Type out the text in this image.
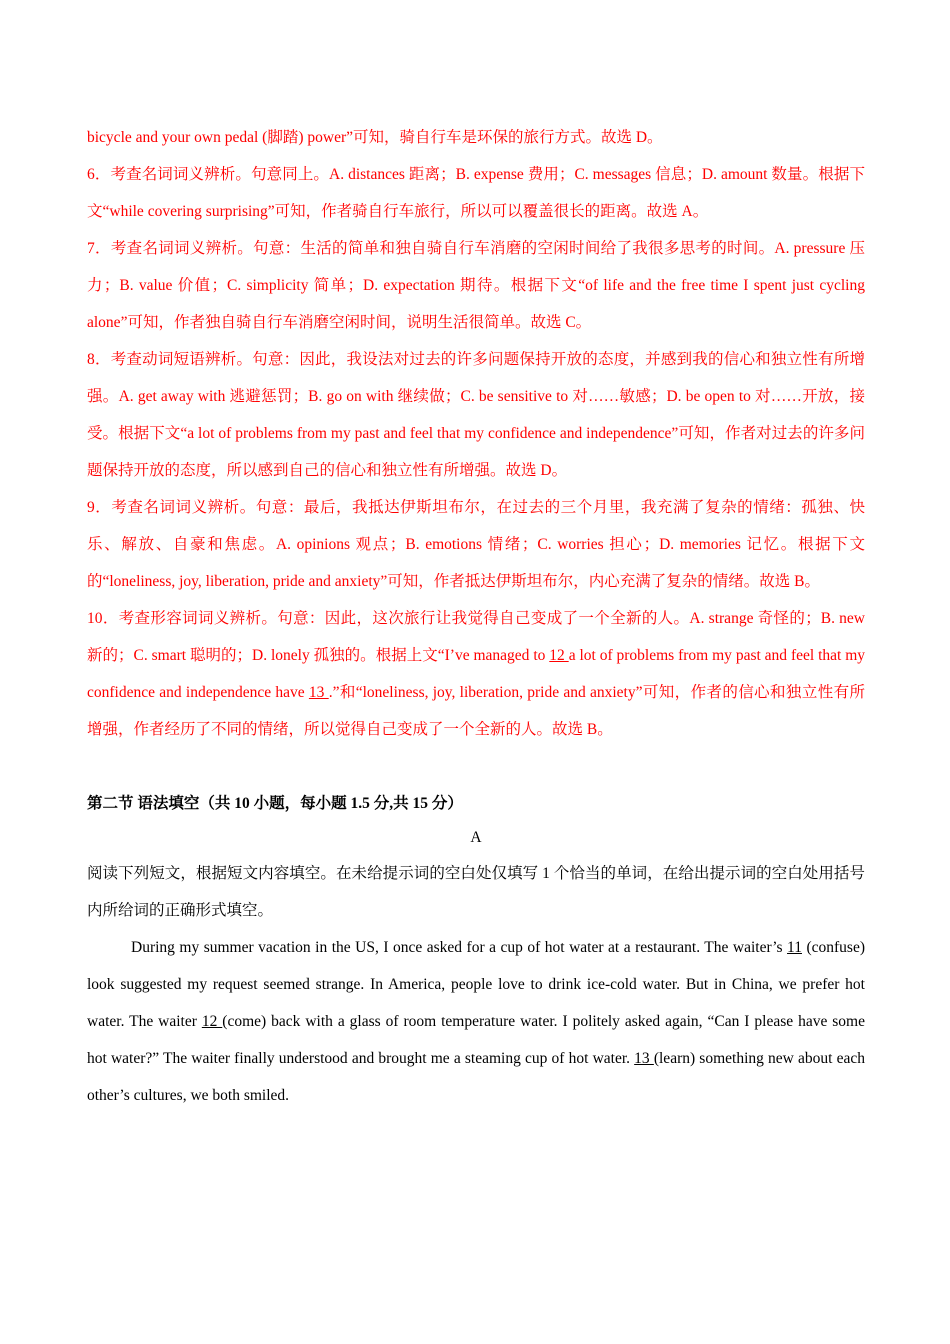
bicycle and your own pedal (脚踏) power”可知，骑自行车是环保的旅行方式。故选 D。

6．考查名词词义辨析。句意同上。A. distances 距离；B. expense 费用；C. messages 信息；D. amount 数量。根据下文“while covering surprising”可知，作者骑自行车旅行，所以可以覆盖很长的距离。故选 A。

7．考查名词词义辨析。句意：生活的简单和独自骑自行车消磨的空闲时间给了我很多思考的时间。A. pressure 压力；B. value 价值；C. simplicity 简单；D. expectation 期待。根据下文“of life and the free time I spent just cycling alone”可知，作者独自骑自行车消磨空闲时间，说明生活很简单。故选 C。

8．考查动词短语辨析。句意：因此，我设法对过去的许多问题保持开放的态度，并感到我的信心和独立性有所增强。A. get away with 逃避惩罚；B. go on with 继续做；C. be sensitive to 对……敏感；D. be open to 对……开放，接受。根据下文“a lot of problems from my past and feel that my confidence and independence”可知，作者对过去的许多问题保持开放的态度，所以感到自己的信心和独立性有所增强。故选 D。

9．考查名词词义辨析。句意：最后，我抵达伊斯坦布尔，在过去的三个月里，我充满了复杂的情绪：孤独、快乐、解放、自豪和焦虑。A. opinions 观点；B. emotions 情绪；C. worries 担心；D. memories 记忆。根据下文的“loneliness, joy, liberation, pride and anxiety”可知，作者抵达伊斯坦布尔，内心充满了复杂的情绪。故选 B。

10．考查形容词词义辨析。句意：因此，这次旅行让我觉得自己变成了一个全新的人。A. strange 奇怪的；B. new 新的；C. smart 聪明的；D. lonely 孤独的。根据上文“I’ve managed to 12 a lot of problems from my past and feel that my confidence and independence have 13 .”和“loneliness, joy, liberation, pride and anxiety”可知，作者的信心和独立性有所增强，作者经历了不同的情绪，所以觉得自己变成了一个全新的人。故选 B。

第二节 语法填空（共 10 小题，每小题 1.5 分,共 15 分）

A

阅读下列短文，根据短文内容填空。在未给提示词的空白处仅填写 1 个恰当的单词，在给出提示词的空白处用括号内所给词的正确形式填空。

During my summer vacation in the US, I once asked for a cup of hot water at a restaurant. The waiter’s 11 (confuse) look suggested my request seemed strange. In America, people love to drink ice-cold water. But in China, we prefer hot water. The waiter 12 (come) back with a glass of room temperature water. I politely asked again, “Can I please have some hot water?” The waiter finally understood and brought me a steaming cup of hot water. 13 (learn) something new about each other’s cultures, we both smiled.
